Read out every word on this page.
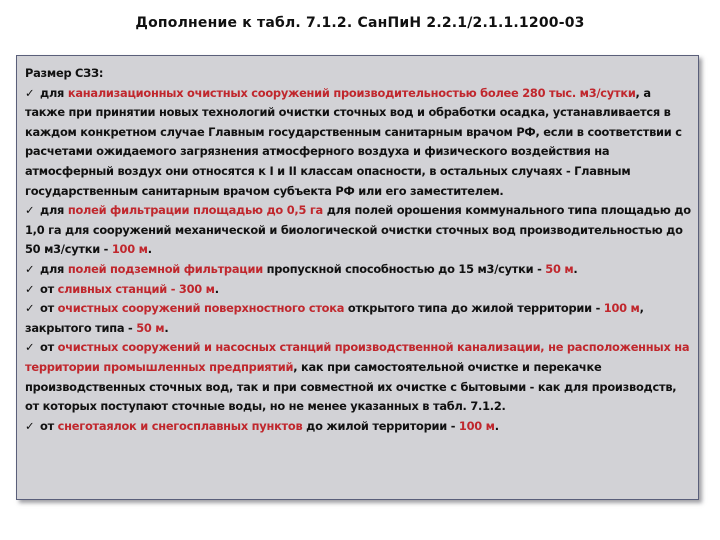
Дополнение к табл. 7.1.2. СанПиН 2.2.1/2.1.1.1200-03

Размер СЗЗ:

✓ для канализационных очистных сооружений производительностью более 280 тыс. м3/сутки, а также при принятии новых технологий очистки сточных вод и обработки осадка, устанавливается в каждом конкретном случае Главным государственным санитарным врачом РФ, если в соответствии с расчетами ожидаемого загрязнения атмосферного воздуха и физического воздействия на атмосферный воздух они относятся к I и II классам опасности, в остальных случаях - Главным государственным санитарным врачом субъекта РФ или его заместителем.

✓ для полей фильтрации площадью до 0,5 га для полей орошения коммунального типа площадью до 1,0 га для сооружений механической и биологической очистки сточных вод производительностью до 50 м3/сутки - 100 м.

✓ для полей подземной фильтрации пропускной способностью до 15 м3/сутки - 50 м.

✓ от сливных станций - 300 м.

✓ от очистных сооружений поверхностного стока открытого типа до жилой территории - 100 м, закрытого типа - 50 м.

✓ от очистных сооружений и насосных станций производственной канализации, не расположенных на территории промышленных предприятий, как при самостоятельной очистке и перекачке производственных сточных вод, так и при совместной их очистке с бытовыми - как для производств, от которых поступают сточные воды, но не менее указанных в табл. 7.1.2.

✓ от снеготаялок и снегосплавных пунктов до жилой территории - 100 м.
